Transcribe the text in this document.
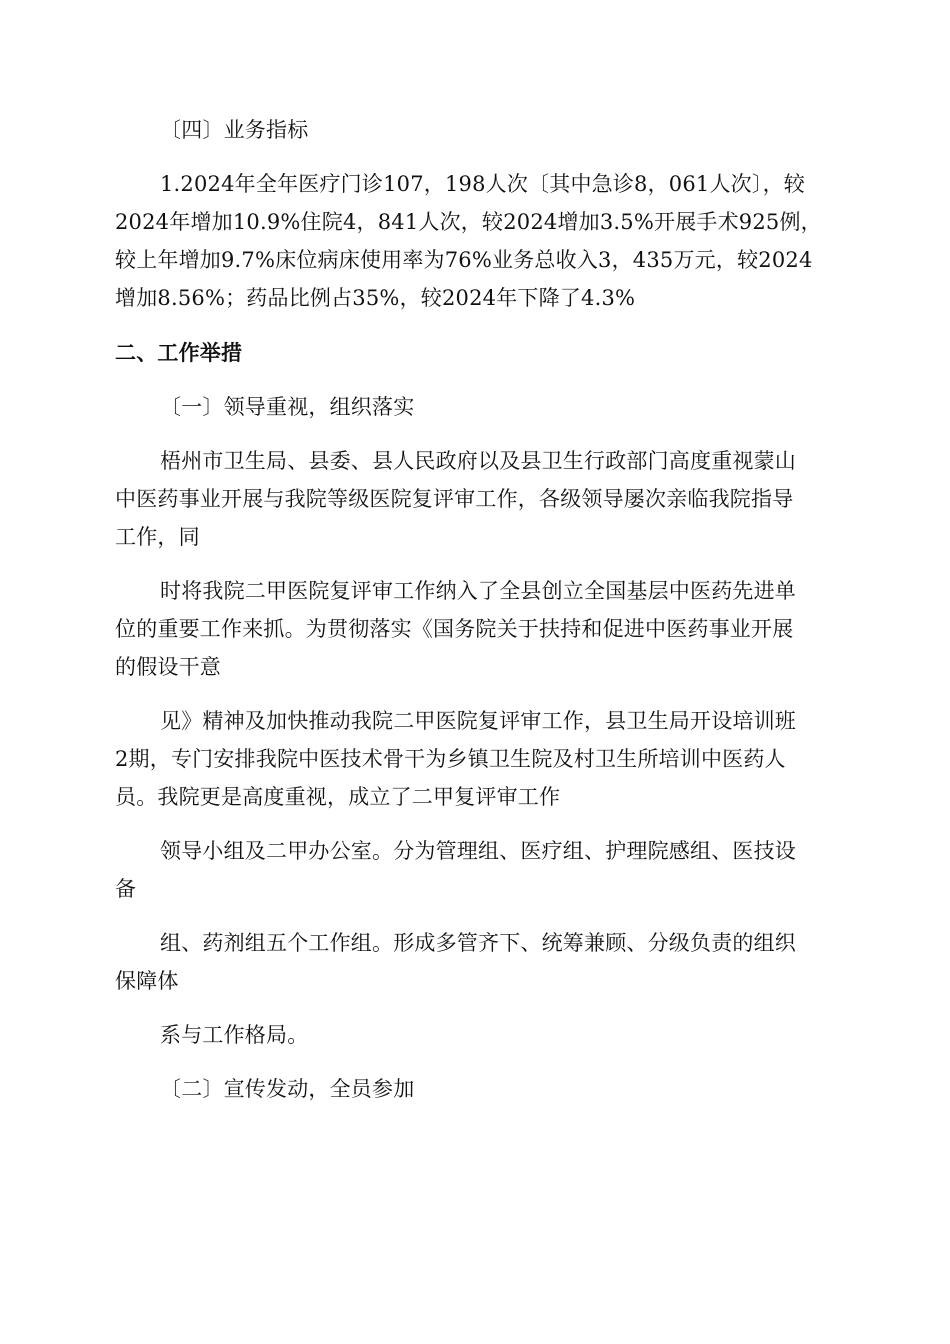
〔四〕业务指标
1.2024年全年医疗门诊107，198人次〔其中急诊8，061人次〕，较
2024年增加10.9%住院4，841人次，较2024增加3.5%开展手术925例，
较上年增加9.7%床位病床使用率为76%业务总收入3，435万元，较2024
增加8.56%；药品比例占35%，较2024年下降了4.3%
二、工作举措
〔一〕领导重视，组织落实
梧州市卫生局、县委、县人民政府以及县卫生行政部门高度重视蒙山
中医药事业开展与我院等级医院复评审工作，各级领导屡次亲临我院指导
工作，同
时将我院二甲医院复评审工作纳入了全县创立全国基层中医药先进单
位的重要工作来抓。为贯彻落实《国务院关于扶持和促进中医药事业开展
的假设干意
见》精神及加快推动我院二甲医院复评审工作，县卫生局开设培训班
2期，专门安排我院中医技术骨干为乡镇卫生院及村卫生所培训中医药人
员。我院更是高度重视，成立了二甲复评审工作
领导小组及二甲办公室。分为管理组、医疗组、护理院感组、医技设
备
组、药剂组五个工作组。形成多管齐下、统筹兼顾、分级负责的组织
保障体
系与工作格局。
〔二〕宣传发动，全员参加
